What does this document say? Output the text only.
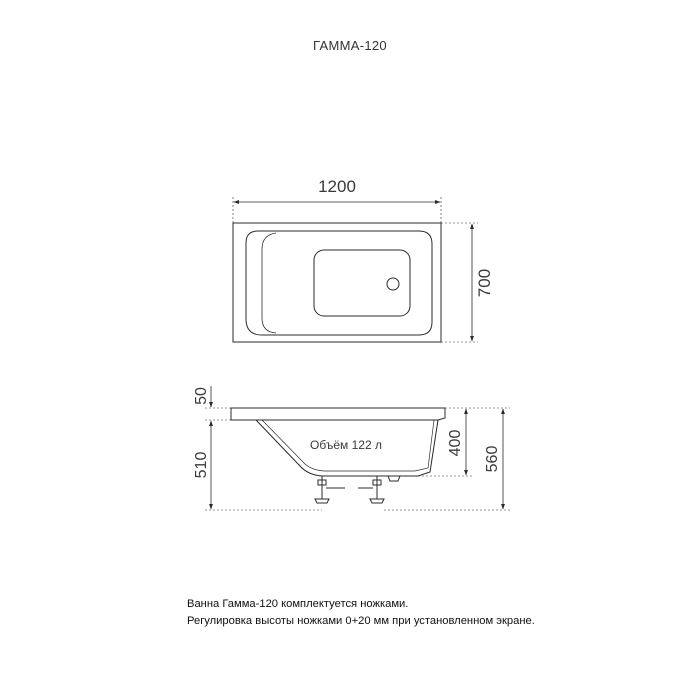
ГАММА-120
1200
700
50
510
400
560
Объём 122 л
Ванна Гамма-120 комплектуется ножками.
Регулировка высоты ножками 0+20 мм при установленном экране.
